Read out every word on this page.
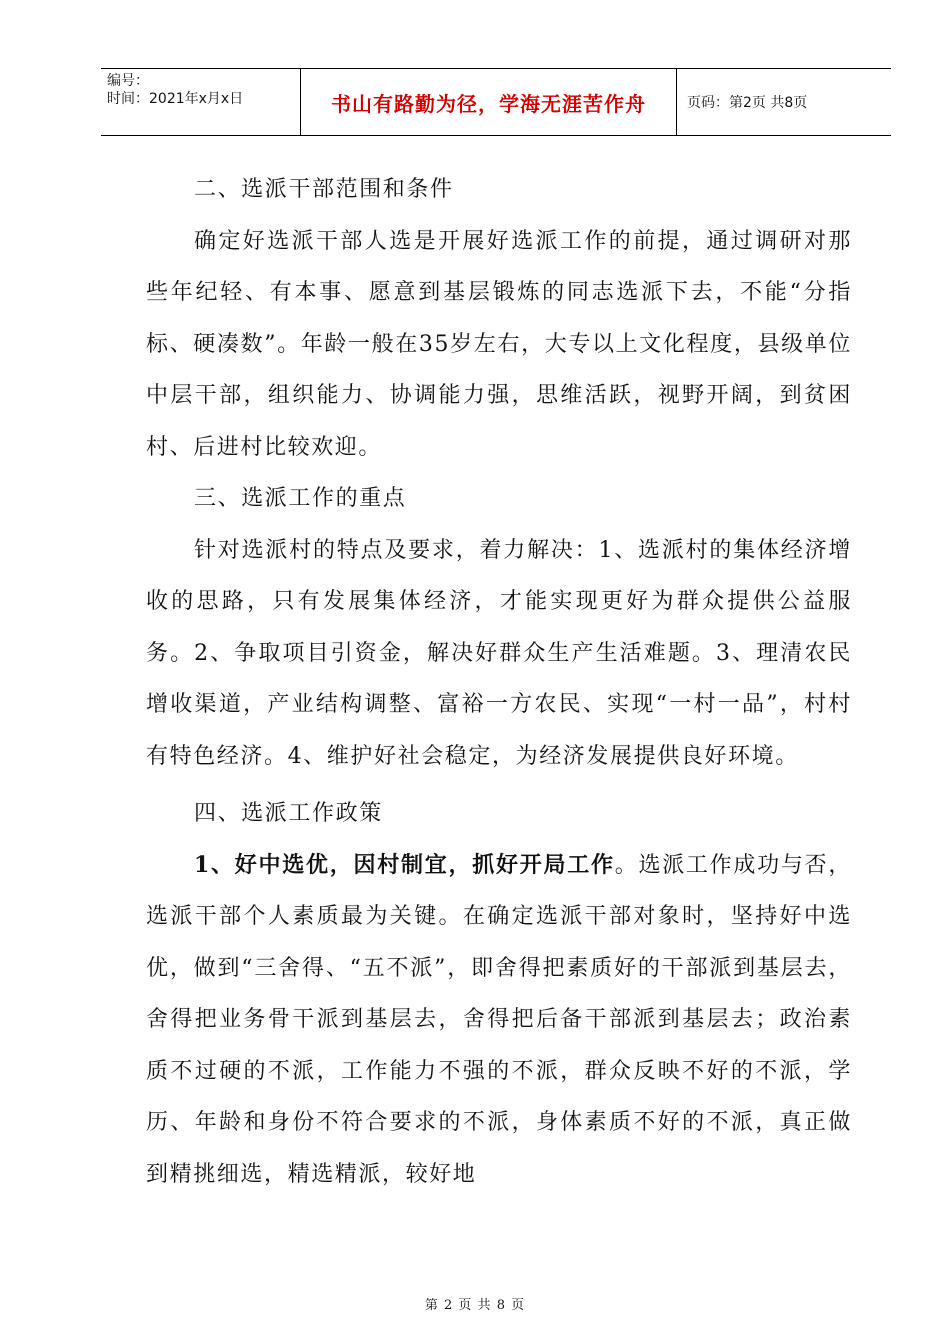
编号：
时间：2021年x月x日	书山有路勤为径，学海无涯苦作舟	页码：第2页 共8页
二、选派干部范围和条件

确定好选派干部人选是开展好选派工作的前提，通过调研对那些年纪轻、有本事、愿意到基层锻炼的同志选派下去，不能“分指标、硬凑数”。年龄一般在35岁左右，大专以上文化程度，县级单位中层干部，组织能力、协调能力强，思维活跃，视野开阔，到贫困村、后进村比较欢迎。

三、选派工作的重点

针对选派村的特点及要求，着力解决：1、选派村的集体经济增收的思路，只有发展集体经济，才能实现更好为群众提供公益服务。2、争取项目引资金，解决好群众生产生活难题。3、理清农民增收渠道，产业结构调整、富裕一方农民、实现“一村一品”，村村有特色经济。4、维护好社会稳定，为经济发展提供良好环境。

四、选派工作政策

1、好中选优，因村制宜，抓好开局工作。选派工作成功与否，选派干部个人素质最为关键。在确定选派干部对象时，坚持好中选优，做到“三舍得、“五不派”，即舍得把素质好的干部派到基层去，舍得把业务骨干派到基层去，舍得把后备干部派到基层去；政治素质不过硬的不派，工作能力不强的不派，群众反映不好的不派，学历、年龄和身份不符合要求的不派，身体素质不好的不派，真正做到精挑细选，精选精派，较好地

第 2 页 共 8 页
